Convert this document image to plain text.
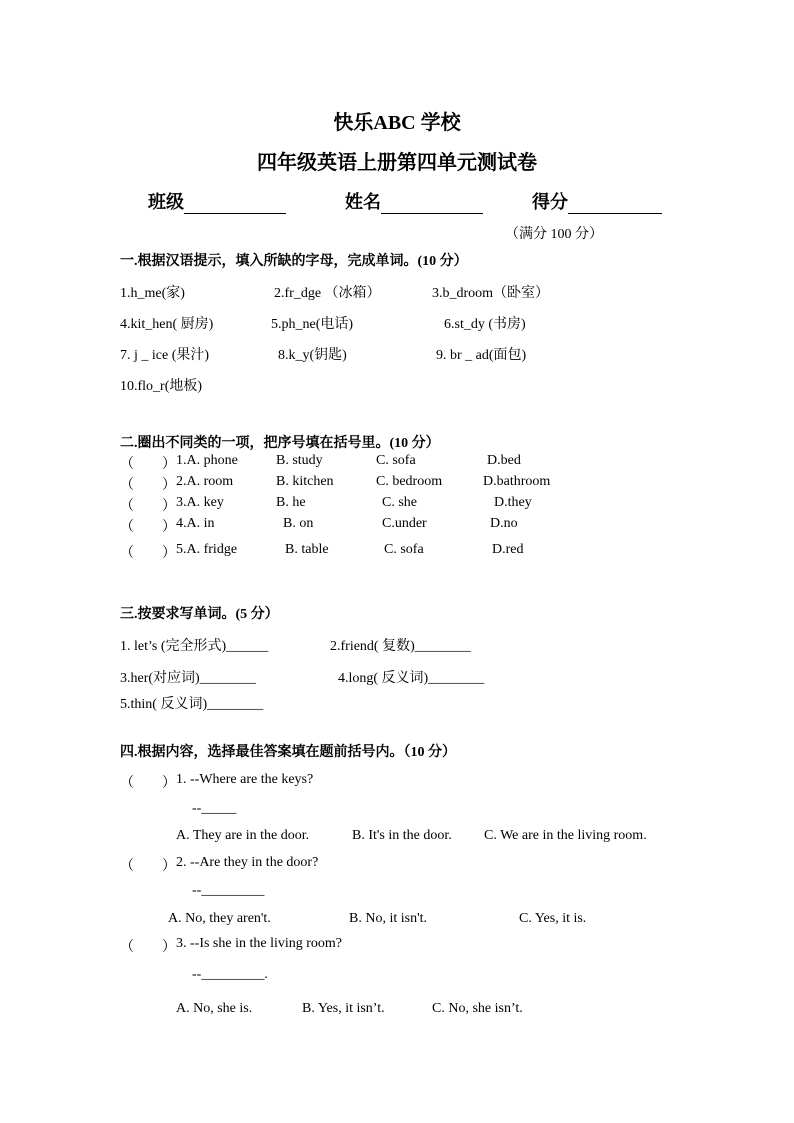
快乐ABC 学校
四年级英语上册第四单元测试卷
班级	姓名	得分
（满分 100 分）
一.根据汉语提示，填入所缺的字母，完成单词。(10 分）
1.h_me(家)	2.fr_dge （冰箱）	3.b_droom（卧室）
4.kit_hen( 厨房)	5.ph_ne(电话)	6.st_dy (书房)
7. j _ ice (果汁)	8.k_y(钥匙)	9. br _ ad(面包)
10.flo_r(地板)
二.圈出不同类的一项，把序号填在括号里。(10 分）
（　　） 1.A. phone	B. study	C. sofa	D.bed
（　　） 2.A. room	B. kitchen	C. bedroom	D.bathroom
（　　） 3.A. key	B. he	C. she	D.they
（　　） 4.A. in	B. on	C.under	D.no
（　　） 5.A. fridge	B. table	C. sofa	D.red
三.按要求写单词。(5 分）
1. let’s (完全形式)______	2.friend( 复数)________
3.her(对应词)________	4.long( 反义词)________
5.thin( 反义词)________
四.根据内容，选择最佳答案填在题前括号内。（10 分）
（　　） 1. --Where are the keys?
--_____
A. They are in the door.	B. It's in the door. C. We are in the living room.
（　　） 2. --Are they in the door?
--_________
A. No, they aren't.	B. No, it isn't.	C. Yes, it is.
（　　） 3. --Is she in the living room?
--_________.
A. No, she is.	B. Yes, it isn’t.	C. No, she isn’t.
